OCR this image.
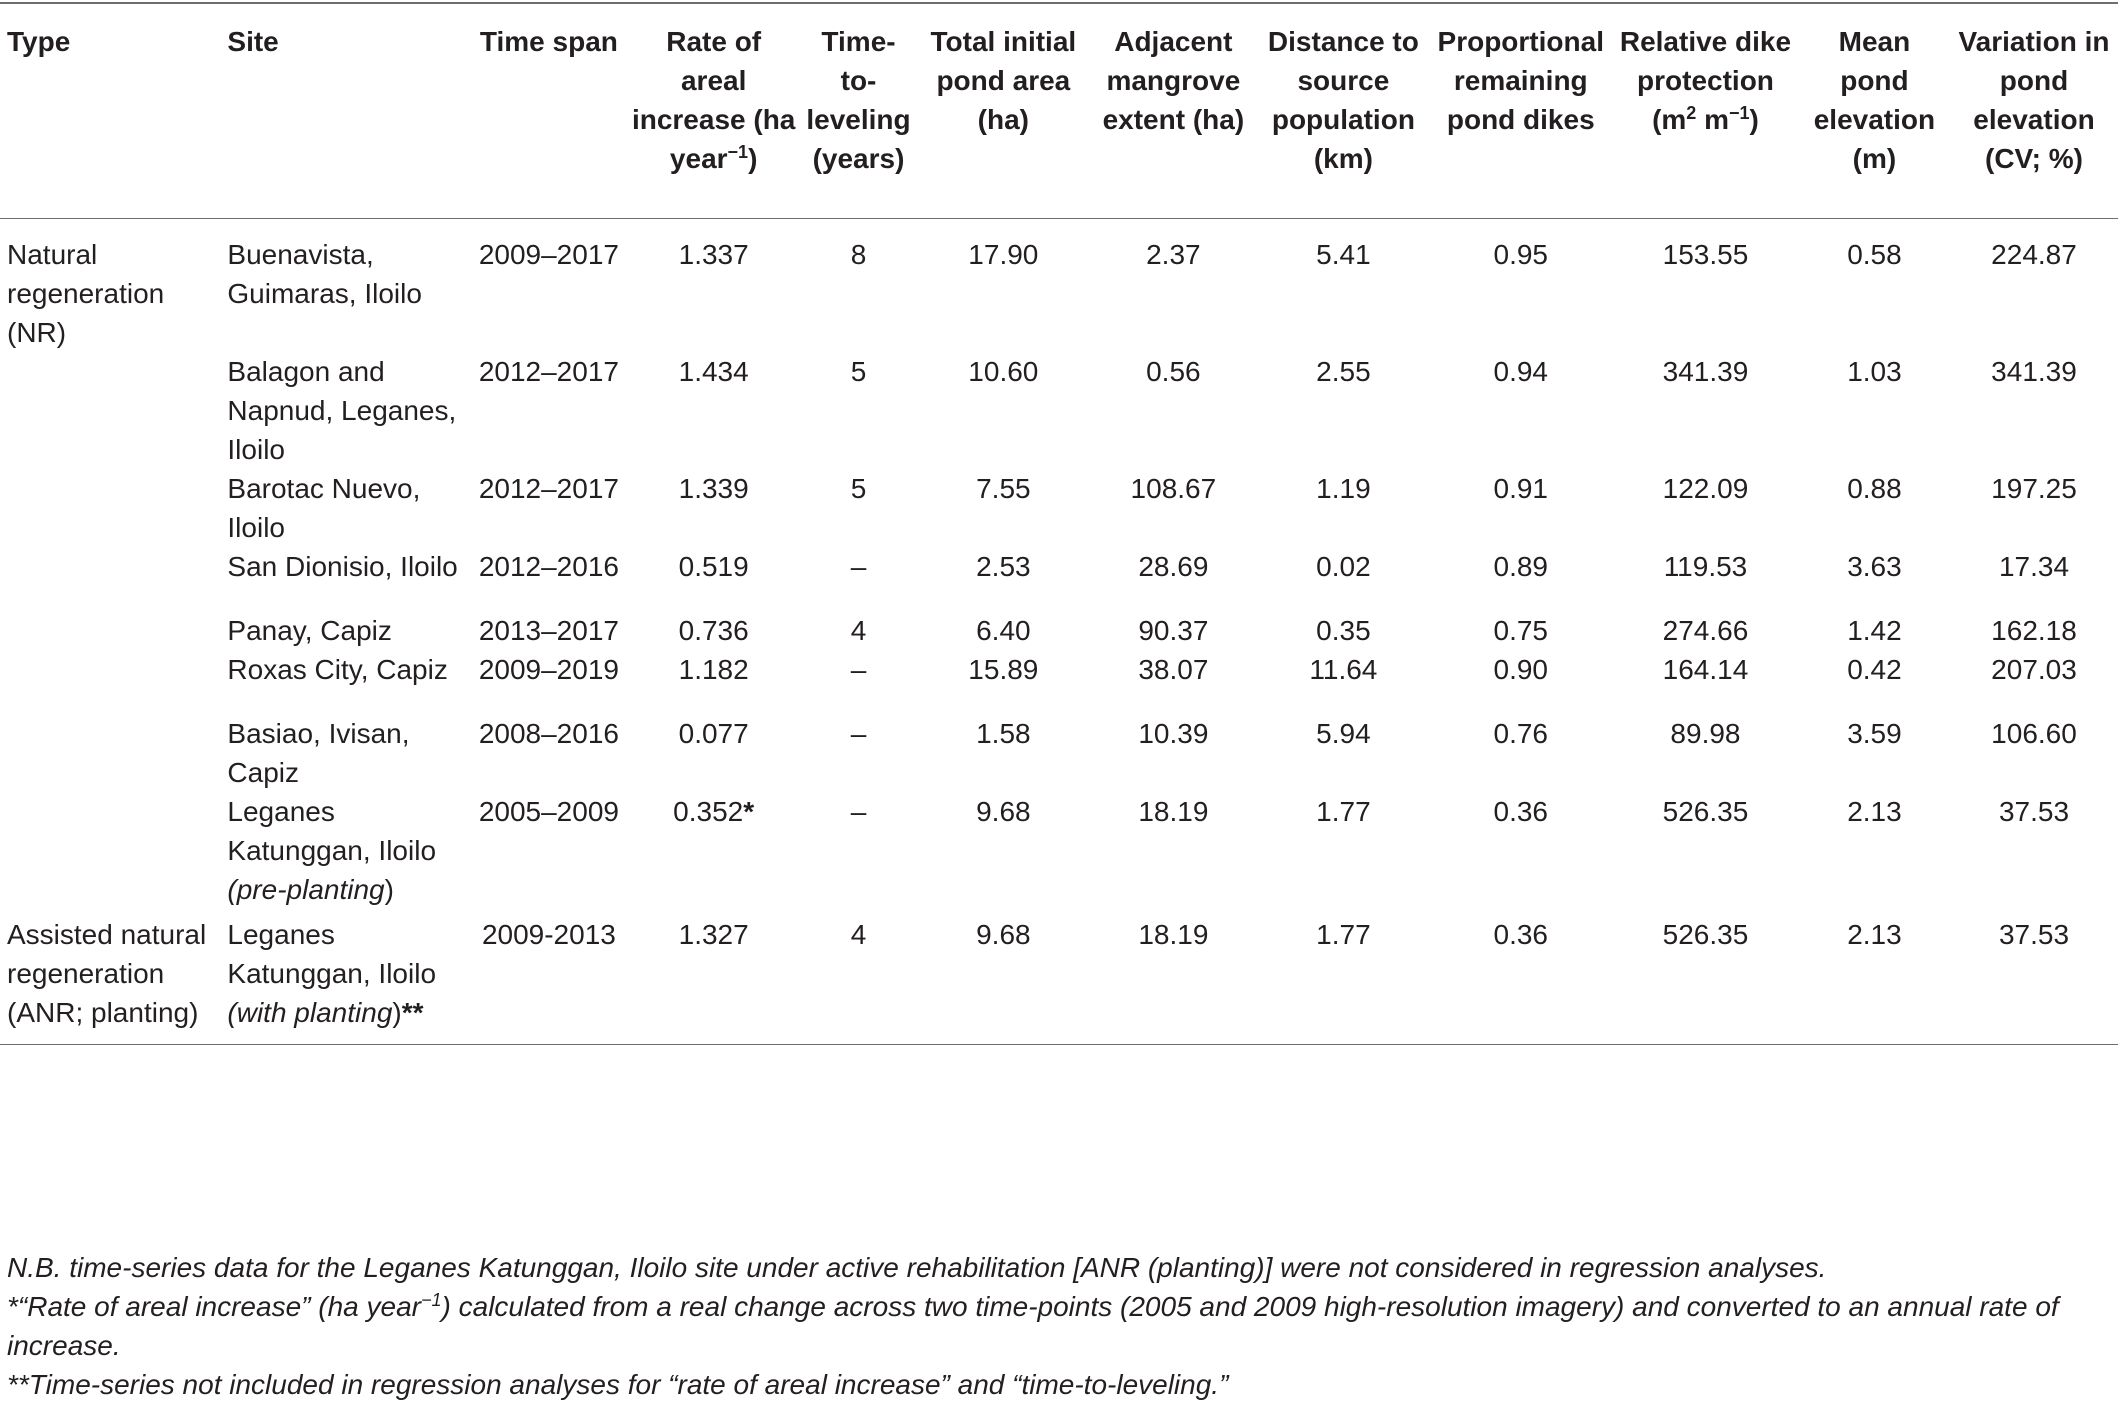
Type	Site	Time span	Rate of areal increase (ha year$^{-1}$)	Time-to-leveling (years)	Total initial pond area (ha)	Adjacent mangrove extent (ha)	Distance to source population (km)	Proportional remaining pond dikes	Relative dike protection ($m^2$ $m^{-1}$)	Mean pond elevation (m)	Variation in pond elevation (CV; %)
Natural regeneration (NR)	Buenavista, Guimaras, Iloilo	2009–2017	1.337	8	17.90	2.37	5.41	0.95	153.55	0.58	224.87
	Balagon and Napnud, Leganes, Iloilo	2012–2017	1.434	5	10.60	0.56	2.55	0.94	341.39	1.03	341.39
	Barotac Nuevo, Iloilo	2012–2017	1.339	5	7.55	108.67	1.19	0.91	122.09	0.88	197.25
	San Dionisio, Iloilo	2012–2016	0.519	–	2.53	28.69	0.02	0.89	119.53	3.63	17.34
	Panay, Capiz	2013–2017	0.736	4	6.40	90.37	0.35	0.75	274.66	1.42	162.18
	Roxas City, Capiz	2009–2019	1.182	–	15.89	38.07	11.64	0.90	164.14	0.42	207.03
	Basiao, Ivisan, Capiz	2008–2016	0.077	–	1.58	10.39	5.94	0.76	89.98	3.59	106.60
	Leganes Katunggan, Iloilo (pre-planting)	2005–2009	0.352*	–	9.68	18.19	1.77	0.36	526.35	2.13	37.53
Assisted natural regeneration (ANR; planting)	Leganes Katunggan, Iloilo (with planting)**	2009-2013	1.327	4	9.68	18.19	1.77	0.36	526.35	2.13	37.53

N.B. time-series data for the Leganes Katunggan, Iloilo site under active rehabilitation [ANR (planting)] were not considered in regression analyses.

*“Rate of areal increase” (ha year$^{-1}$) calculated from a real change across two time-points (2005 and 2009 high-resolution imagery) and converted to an annual rate of increase.

**Time-series not included in regression analyses for “rate of areal increase” and “time-to-leveling.”
